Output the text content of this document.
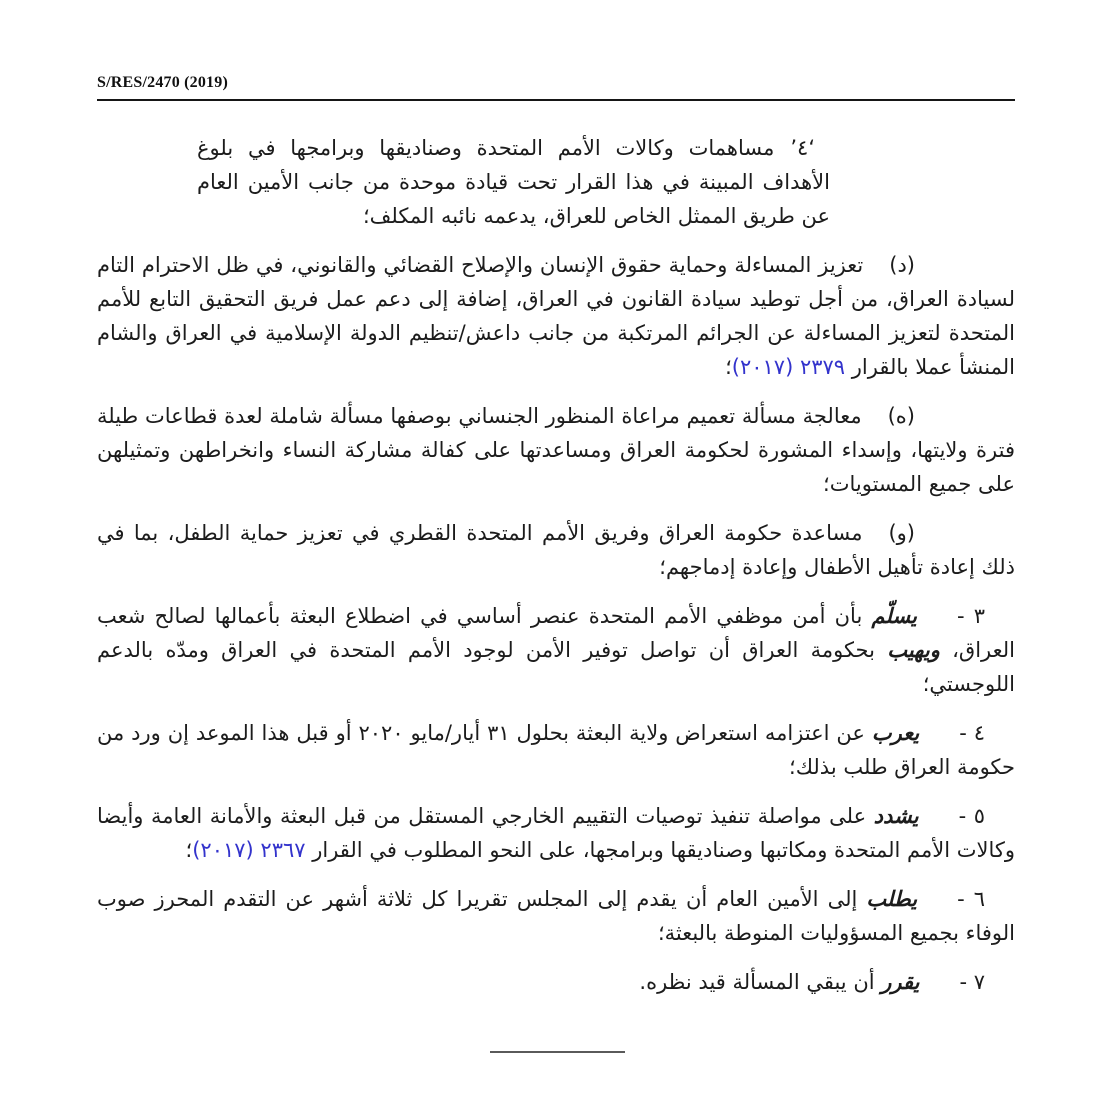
S/RES/2470 (2019)

‘٤’مساهمات وكالات الأمم المتحدة وصناديقها وبرامجها في بلوغ الأهداف المبينة في هذا القرار تحت قيادة موحدة من جانب الأمين العام عن طريق الممثل الخاص للعراق، يدعمه نائبه المكلف؛

(د)تعزيز المساءلة وحماية حقوق الإنسان والإصلاح القضائي والقانوني، في ظل الاحترام التام لسيادة العراق، من أجل توطيد سيادة القانون في العراق، إضافة إلى دعم عمل فريق التحقيق التابع للأمم المتحدة لتعزيز المساءلة عن الجرائم المرتكبة من جانب داعش/تنظيم الدولة الإسلامية في العراق والشام المنشأ عملا بالقرار ٢٣٧٩ (٢٠١٧)؛

(ه)معالجة مسألة تعميم مراعاة المنظور الجنساني بوصفها مسألة شاملة لعدة قطاعات طيلة فترة ولايتها، وإسداء المشورة لحكومة العراق ومساعدتها على كفالة مشاركة النساء وانخراطهن وتمثيلهن على جميع المستويات؛

(و)مساعدة حكومة العراق وفريق الأمم المتحدة القطري في تعزيز حماية الطفل، بما في ذلك إعادة تأهيل الأطفال وإعادة إدماجهم؛

٣ -يسلّم بأن أمن موظفي الأمم المتحدة عنصر أساسي في اضطلاع البعثة بأعمالها لصالح شعب العراق، ويهيب بحكومة العراق أن تواصل توفير الأمن لوجود الأمم المتحدة في العراق ومدّه بالدعم اللوجستي؛

٤ -يعرب عن اعتزامه استعراض ولاية البعثة بحلول ٣١ أيار/مايو ٢٠٢٠ أو قبل هذا الموعد إن ورد من حكومة العراق طلب بذلك؛

٥ -يشدد على مواصلة تنفيذ توصيات التقييم الخارجي المستقل من قبل البعثة والأمانة العامة وأيضا وكالات الأمم المتحدة ومكاتبها وصناديقها وبرامجها، على النحو المطلوب في القرار ٢٣٦٧ (٢٠١٧)؛

٦ -يطلب إلى الأمين العام أن يقدم إلى المجلس تقريرا كل ثلاثة أشهر عن التقدم المحرز صوب الوفاء بجميع المسؤوليات المنوطة بالبعثة؛

٧ -يقرر أن يبقي المسألة قيد نظره.
